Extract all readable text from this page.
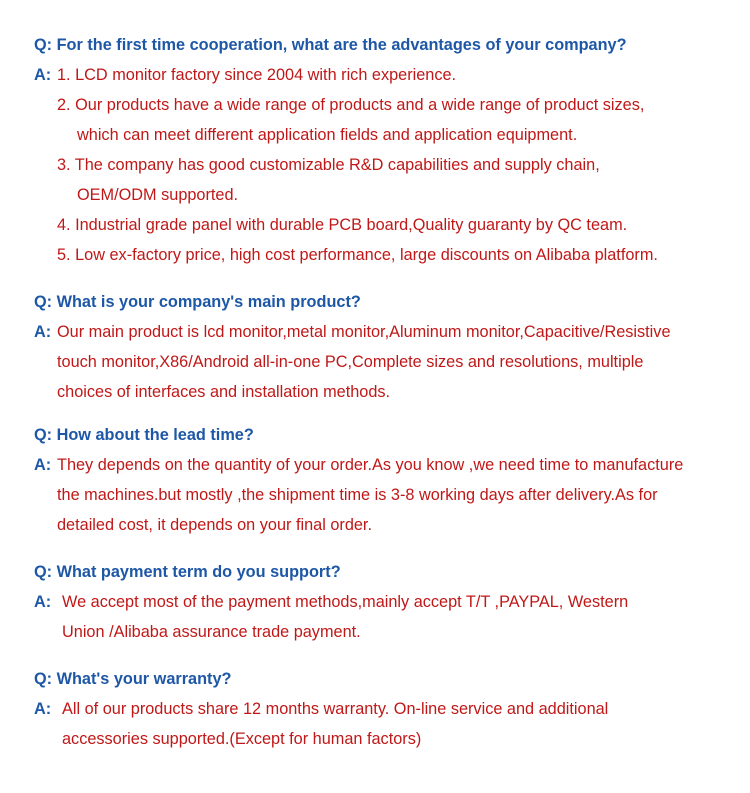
Q: For the first time cooperation, what are the advantages of your company?
A: 1. LCD monitor factory since 2004 with rich experience.
2. Our products have a wide range of products and a wide range of product sizes,
which can meet different application fields and application equipment.
3. The company has good customizable R&D capabilities and supply chain,
OEM/ODM supported.
4. Industrial grade panel with durable PCB board,Quality guaranty by QC team.
5. Low ex-factory price, high cost performance, large discounts on Alibaba platform.
Q: What is your company's main product?
A: Our main product is lcd monitor,metal monitor,Aluminum monitor,Capacitive/Resistive
touch monitor,X86/Android all-in-one PC,Complete sizes and resolutions, multiple
choices of interfaces and installation methods.
Q: How about the lead time?
A: They depends on the quantity of your order.As you know ,we need time to manufacture
the machines.but mostly ,the shipment time is 3-8 working days after delivery.As for
detailed cost, it depends on your final order.
Q: What payment term do you support?
A: We accept most of the payment methods,mainly accept T/T ,PAYPAL, Western
Union /Alibaba assurance trade payment.
Q: What's your warranty?
A: All of our products share 12 months warranty. On-line service and additional
accessories supported.(Except for human factors)
